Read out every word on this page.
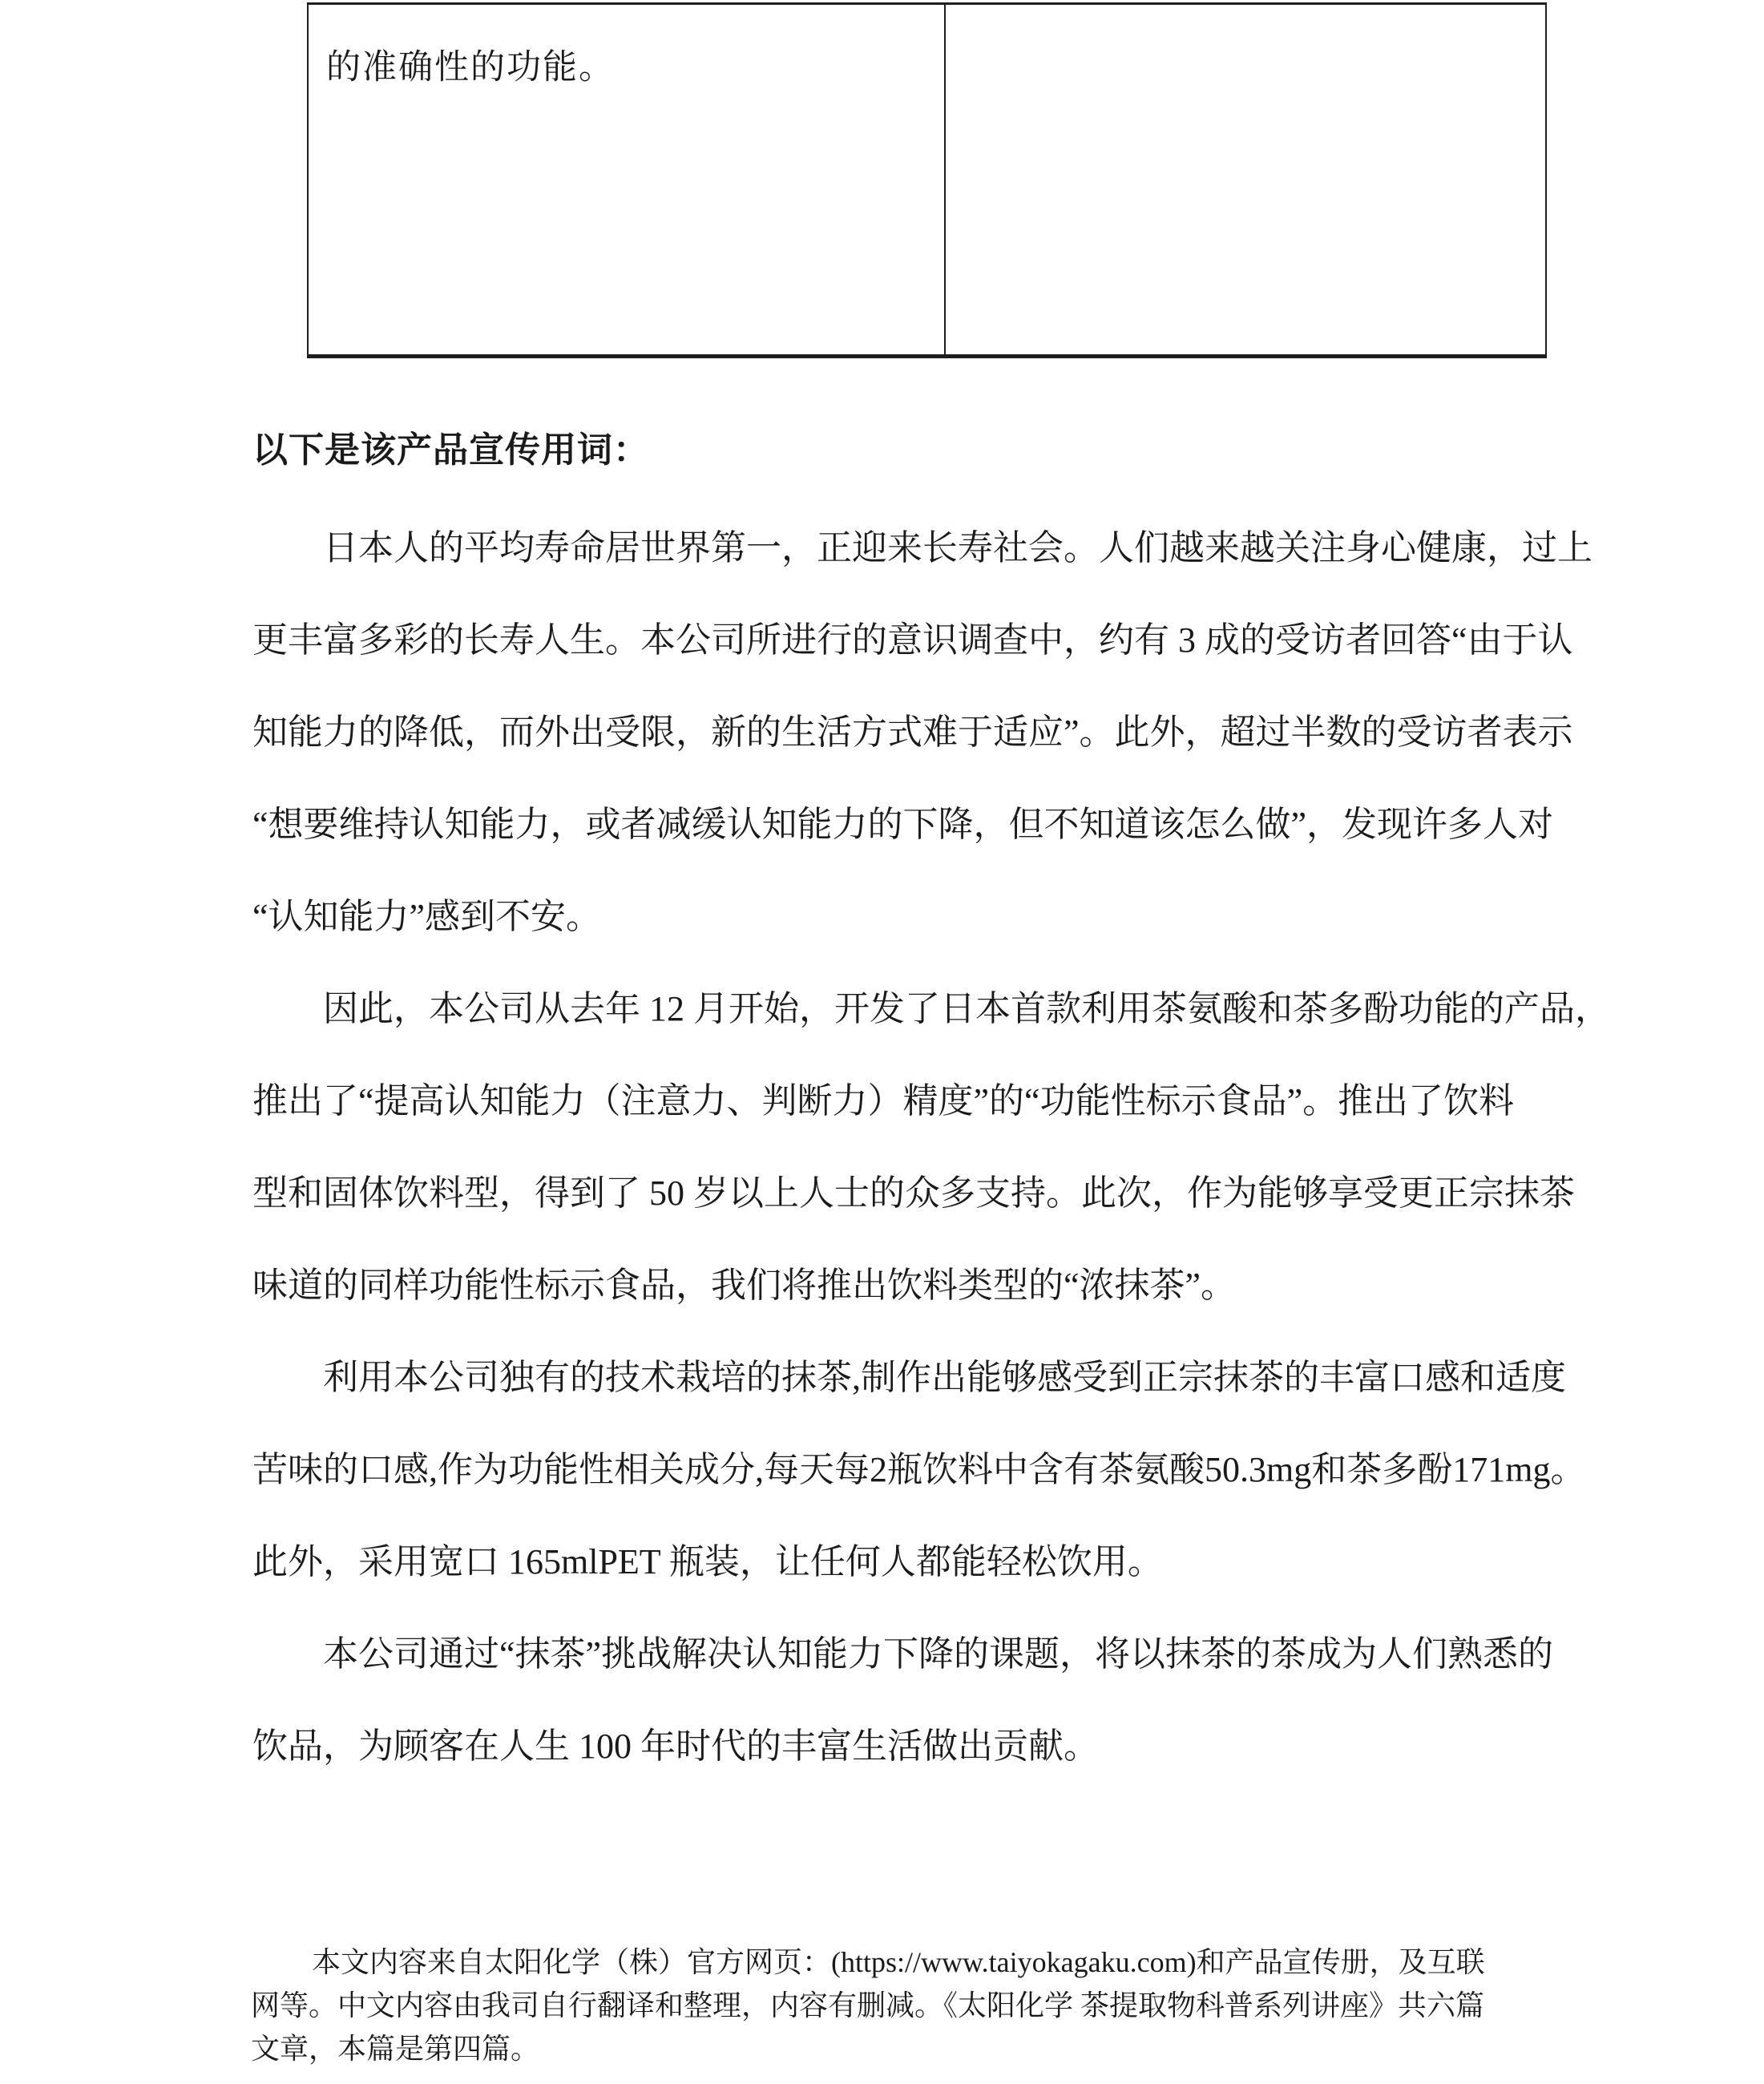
的准确性的功能。
以下是该产品宣传用词：
日本人的平均寿命居世界第一，正迎来长寿社会。人们越来越关注身心健康，过上
更丰富多彩的长寿人生。本公司所进行的意识调查中，约有 3 成的受访者回答“由于认
知能力的降低，而外出受限，新的生活方式难于适应”。此外，超过半数的受访者表示
“想要维持认知能力，或者减缓认知能力的下降，但不知道该怎么做”，发现许多人对
“认知能力”感到不安。
因此，本公司从去年 12 月开始，开发了日本首款利用茶氨酸和茶多酚功能的产品，
推出了“提高认知能力（注意力、判断力）精度”的“功能性标示食品”。推出了饮料
型和固体饮料型，得到了 50 岁以上人士的众多支持。此次，作为能够享受更正宗抹茶
味道的同样功能性标示食品，我们将推出饮料类型的“浓抹茶”。
利用本公司独有的技术栽培的抹茶,制作出能够感受到正宗抹茶的丰富口感和适度
苦味的口感,作为功能性相关成分,每天每2瓶饮料中含有茶氨酸50.3mg和茶多酚171mg。
此外，采用宽口 165mlPET 瓶装，让任何人都能轻松饮用。
本公司通过“抹茶”挑战解决认知能力下降的课题，将以抹茶的茶成为人们熟悉的
饮品，为顾客在人生 100 年时代的丰富生活做出贡献。
本文内容来自太阳化学（株）官方网页：(https://www.taiyokagaku.com)和产品宣传册，及互联
网等。中文内容由我司自行翻译和整理，内容有删减。《太阳化学 茶提取物科普系列讲座》共六篇
文章，本篇是第四篇。
